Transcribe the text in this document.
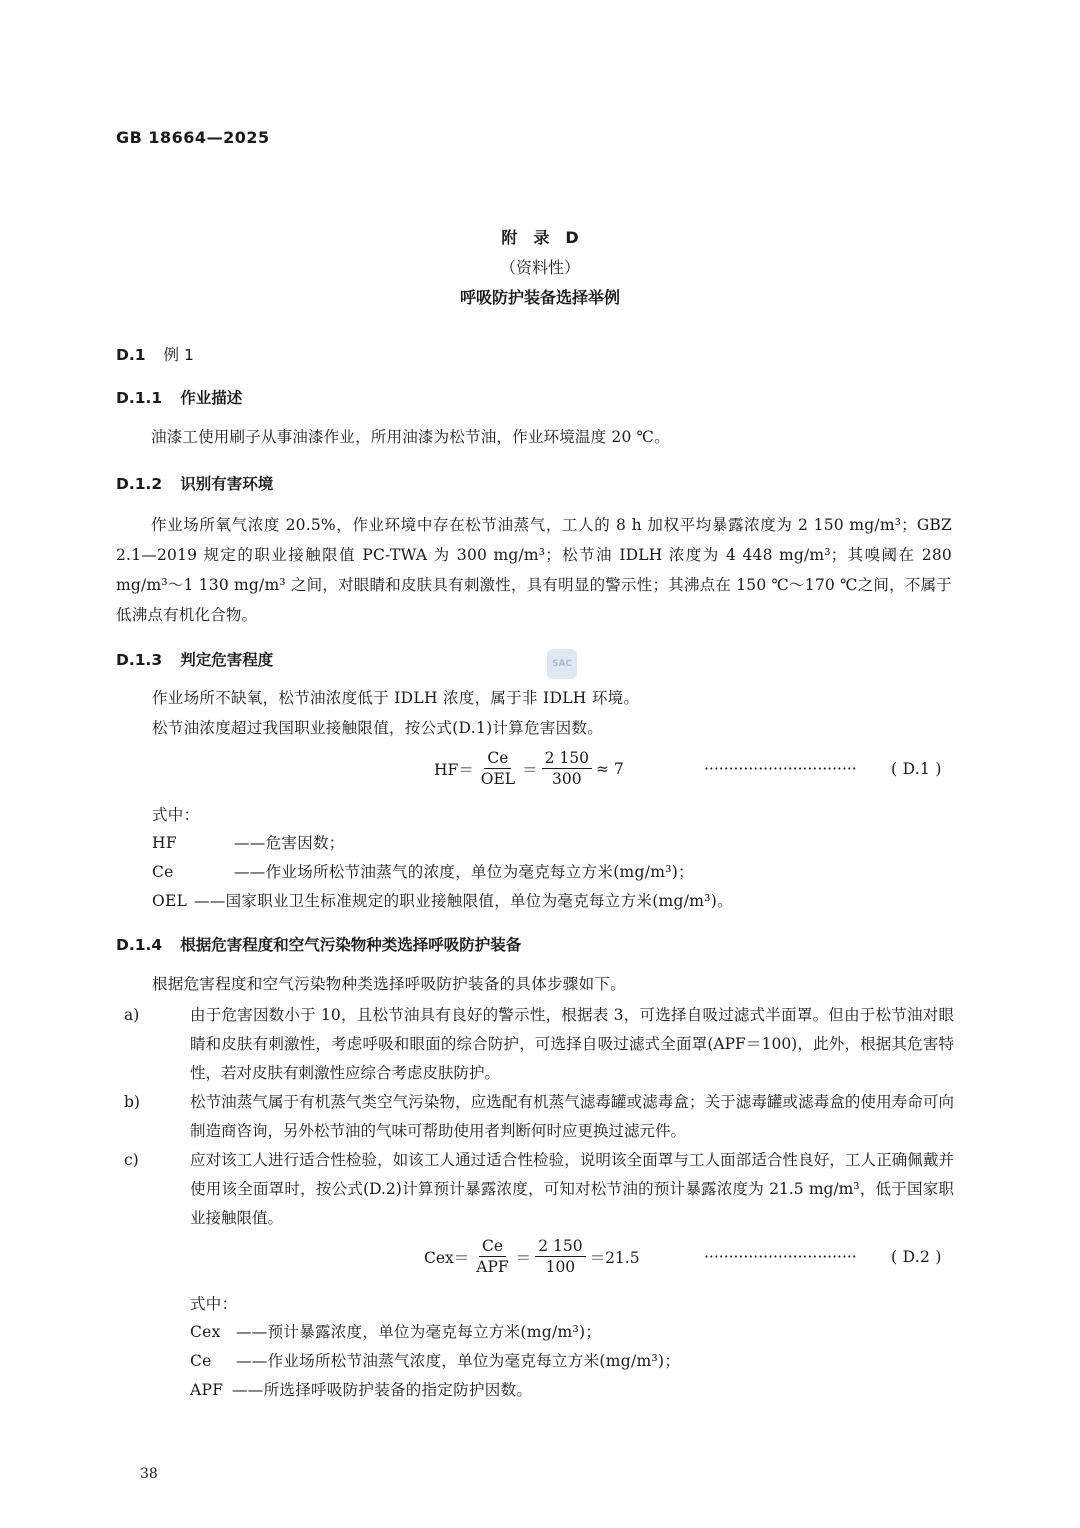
GB 18664—2025
附　录　D
（资料性）
呼吸防护装备选择举例
D.1 例 1
D.1.1 作业描述
油漆工使用刷子从事油漆作业，所用油漆为松节油，作业环境温度 20 ℃。
D.1.2 识别有害环境
作业场所氧气浓度 20.5%，作业环境中存在松节油蒸气，工人的 8 h 加权平均暴露浓度为 2 150 mg/m³；GBZ 2.1—2019 规定的职业接触限值 PC-TWA 为 300 mg/m³；松节油 IDLH 浓度为 4 448 mg/m³；其嗅阈在 280 mg/m³～1 130 mg/m³ 之间，对眼睛和皮肤具有刺激性，具有明显的警示性；其沸点在 150 ℃～170 ℃之间，不属于低沸点有机化合物。
SAC
D.1.3 判定危害程度
作业场所不缺氧，松节油浓度低于 IDLH 浓度，属于非 IDLH 环境。
松节油浓度超过我国职业接触限值，按公式(D.1)计算危害因数。
$HF= \frac{Ce}{\text{OEL}} = \frac{2 150}{300} \approx 7$	······························· ( D.1 )
式中：
HF	——危害因数；
Ce	——作业场所松节油蒸气的浓度，单位为毫克每立方米(mg/m³)；
OEL ——国家职业卫生标准规定的职业接触限值，单位为毫克每立方米(mg/m³)。
D.1.4 根据危害程度和空气污染物种类选择呼吸防护装备
根据危害程度和空气污染物种类选择呼吸防护装备的具体步骤如下。
a)	由于危害因数小于 10，且松节油具有良好的警示性，根据表 3，可选择自吸过滤式半面罩。但由于松节油对眼睛和皮肤有刺激性，考虑呼吸和眼面的综合防护，可选择自吸过滤式全面罩(APF＝100)，此外，根据其危害特性，若对皮肤有刺激性应综合考虑皮肤防护。
b)	松节油蒸气属于有机蒸气类空气污染物，应选配有机蒸气滤毒罐或滤毒盒；关于滤毒罐或滤毒盒的使用寿命可向制造商咨询，另外松节油的气味可帮助使用者判断何时应更换过滤元件。
c)	应对该工人进行适合性检验，如该工人通过适合性检验，说明该全面罩与工人面部适合性良好，工人正确佩戴并使用该全面罩时，按公式(D.2)计算预计暴露浓度，可知对松节油的预计暴露浓度为 21.5 mg/m³，低于国家职业接触限值。
$Cex= \frac{Ce}{\text{APF}} = \frac{2 150}{100} =21.5$	······························· ( D.2 )
式中：
Cex ——预计暴露浓度，单位为毫克每立方米(mg/m³)；
Ce ——作业场所松节油蒸气浓度，单位为毫克每立方米(mg/m³)；
APF ——所选择呼吸防护装备的指定防护因数。
38
